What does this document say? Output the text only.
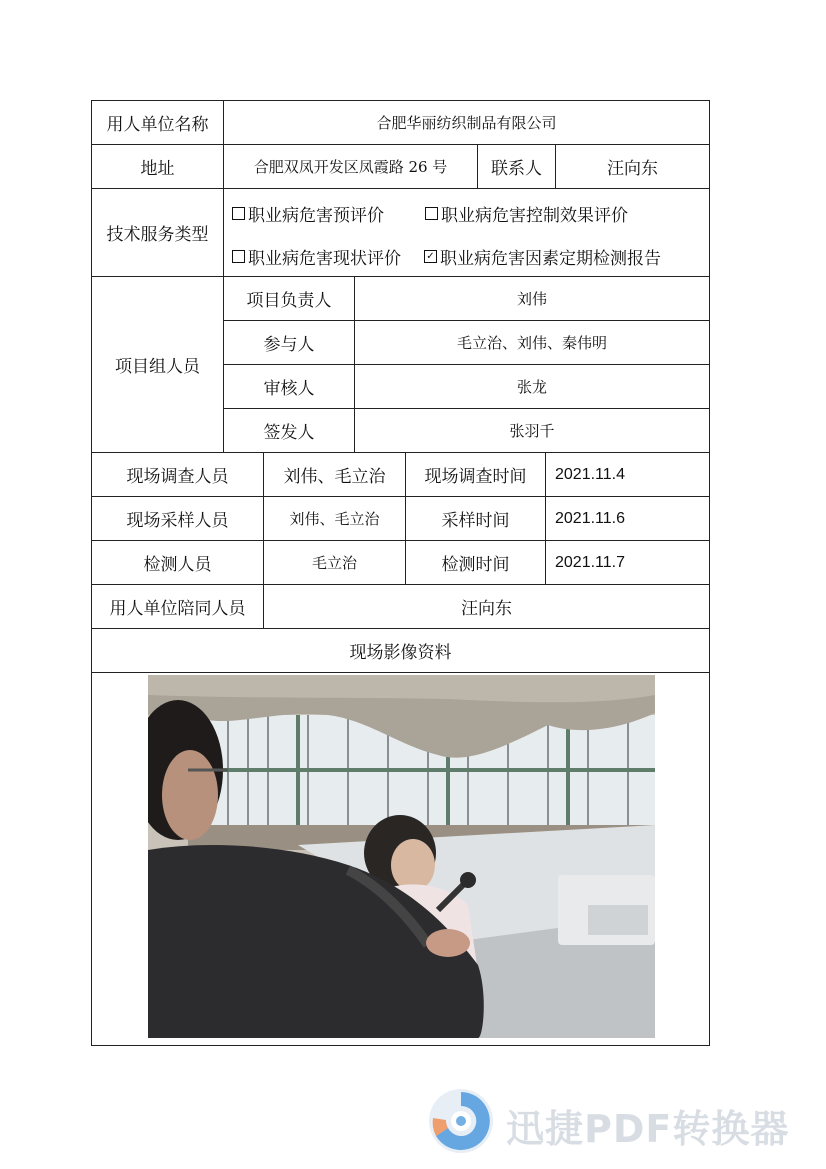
用人单位名称	合肥华丽纺织制品有限公司
地址	合肥双凤开发区凤霞路 26 号	联系人	汪向东
技术服务类型
职业病危害预评价	职业病危害控制效果评价
职业病危害现状评价	✓ 职业病危害因素定期检测报告
项目组人员
项目负责人	刘伟
参与人	毛立治、刘伟、秦伟明
审核人	张龙
签发人	张羽千
现场调查人员	刘伟、毛立治	现场调查时间	2021.11.4
现场采样人员	刘伟、毛立治	采样时间	2021.11.6
检测人员	毛立治	检测时间	2021.11.7
用人单位陪同人员	汪向东
现场影像资料
迅捷PDF转换器
